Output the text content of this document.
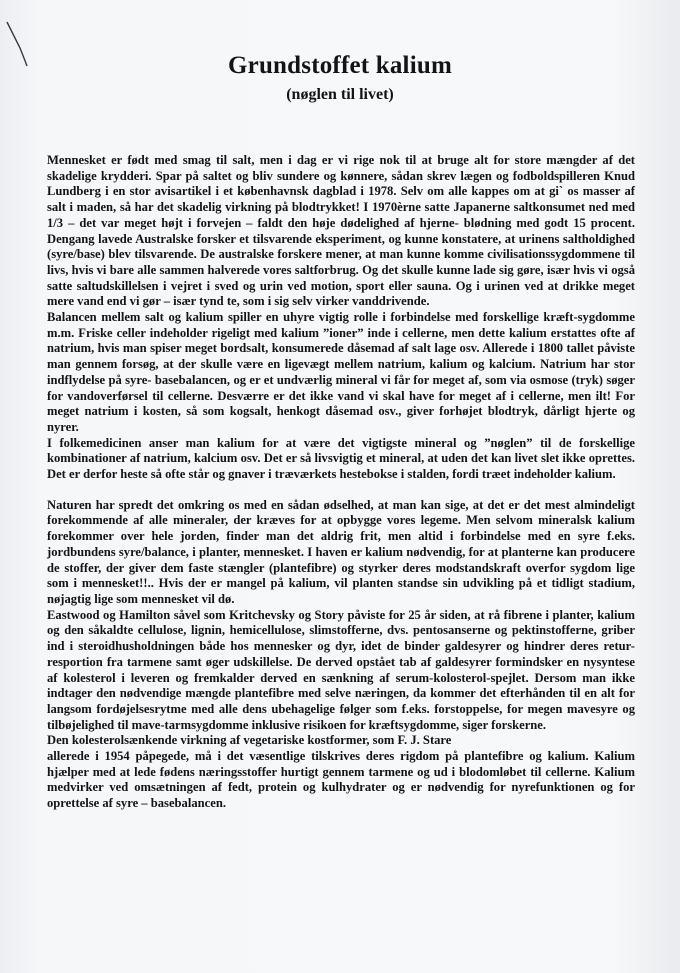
Grundstoffet kalium
(nøglen til livet)

Mennesket er født med smag til salt, men i dag er vi rige nok til at bruge alt for store mængder af det skadelige krydderi. Spar på saltet og bliv sundere og kønnere, sådan skrev lægen og fodboldspilleren Knud Lundberg i en stor avisartikel i et københavnsk dagblad i 1978. Selv om alle kappes om at gi` os masser af salt i maden, så har det skadelig virkning på blodtrykket! I 1970èrne satte Japanerne saltkonsumet ned med 1/3 – det var meget højt i forvejen – faldt den høje dødelighed af hjerne- blødning med godt 15 procent. Dengang lavede Australske forsker et tilsvarende eksperiment, og kunne konstatere, at urinens saltholdighed (syre/base) blev tilsvarende. De australske forskere mener, at man kunne komme civilisationssygdommene til livs, hvis vi bare alle sammen halverede vores saltforbrug. Og det skulle kunne lade sig gøre, især hvis vi også satte saltudskillelsen i vejret i sved og urin ved motion, sport eller sauna. Og i urinen ved at drikke meget mere vand end vi gør – især tynd te, som i sig selv virker vanddrivende.

Balancen mellem salt og kalium spiller en uhyre vigtig rolle i forbindelse med forskellige kræft-sygdomme m.m. Friske celler indeholder rigeligt med kalium ”ioner” inde i cellerne, men dette kalium erstattes ofte af natrium, hvis man spiser meget bordsalt, konsumerede dåsemad af salt lage osv. Allerede i 1800 tallet påviste man gennem forsøg, at der skulle være en ligevægt mellem natrium, kalium og kalcium. Natrium har stor indflydelse på syre- basebalancen, og er et undværlig mineral vi får for meget af, som via osmose (tryk) søger for vandoverførsel til cellerne. Desværre er det ikke vand vi skal have for meget af i cellerne, men ilt! For meget natrium i kosten, så som kogsalt, henkogt dåsemad osv., giver forhøjet blodtryk, dårligt hjerte og nyrer.

I folkemedicinen anser man kalium for at være det vigtigste mineral og ”nøglen” til de forskellige kombinationer af natrium, kalcium osv. Det er så livsvigtig et mineral, at uden det kan livet slet ikke oprettes. Det er derfor heste så ofte står og gnaver i træværkets hestebokse i stalden, fordi træet indeholder kalium.

Naturen har spredt det omkring os med en sådan ødselhed, at man kan sige, at det er det mest almindeligt forekommende af alle mineraler, der kræves for at opbygge vores legeme. Men selvom mineralsk kalium forekommer over hele jorden, finder man det aldrig frit, men altid i forbindelse med en syre f.eks. jordbundens syre/balance, i planter, mennesket. I haven er kalium nødvendig, for at planterne kan producere de stoffer, der giver dem faste stængler (plantefibre) og styrker deres modstandskraft overfor sygdom lige som i mennesket!!.. Hvis der er mangel på kalium, vil planten standse sin udvikling på et tidligt stadium, nøjagtig lige som mennesket vil dø.

Eastwood og Hamilton såvel som Kritchevsky og Story påviste for 25 år siden, at rå fibrene i planter, kalium og den såkaldte cellulose, lignin, hemicellulose, slimstofferne, dvs. pentosanserne og pektinstofferne, griber ind i steroidhusholdningen både hos mennesker og dyr, idet de binder galdesyrer og hindrer deres retur-resportion fra tarmene samt øger udskillelse. De derved opstået tab af galdesyrer formindsker en nysyntese af kolesterol i leveren og fremkalder derved en sænkning af serum-kolosterol-spejlet. Dersom man ikke indtager den nødvendige mængde plantefibre med selve næringen, da kommer det efterhånden til en alt for langsom fordøjelsesrytme med alle dens ubehagelige følger som f.eks. forstoppelse, for megen mavesyre og tilbøjelighed til mave-tarmsygdomme inklusive risikoen for kræftsygdomme, siger forskerne.

Den kolesterolsænkende virkning af vegetariske kostformer, som F. J. Stare

allerede i 1954 påpegede, må i det væsentlige tilskrives deres rigdom på plantefibre og kalium. Kalium hjælper med at lede fødens næringsstoffer hurtigt gennem tarmene og ud i blodomløbet til cellerne. Kalium medvirker ved omsætningen af fedt, protein og kulhydrater og er nødvendig for nyrefunktionen og for oprettelse af syre – basebalancen.
